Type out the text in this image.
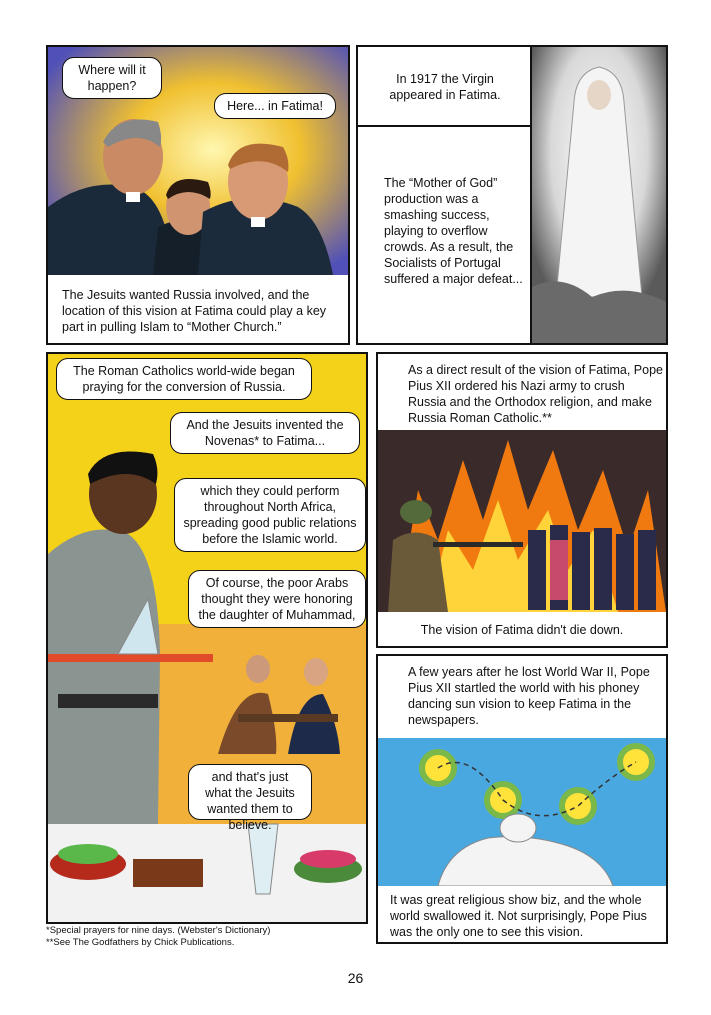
Where will it happen?
Here... in Fatima!
The Jesuits wanted Russia involved, and the location of this vision at Fatima could play a key part in pulling Islam to “Mother Church.”
In 1917 the Virgin appeared in Fatima.
The “Mother of God” production was a smashing success, playing to overflow crowds. As a result, the Socialists of Portugal suffered a major defeat...
The Roman Catholics world-wide began praying for the conversion of Russia.
And the Jesuits invented the Novenas* to Fatima...
which they could perform throughout North Africa, spreading good public relations before the Islamic world.
Of course, the poor Arabs thought they were honoring the daughter of Muhammad,
and that's just what the Jesuits wanted them to believe.
As a direct result of the vision of Fatima, Pope Pius XII ordered his Nazi army to crush Russia and the Orthodox religion, and make Russia Roman Catholic.**
The vision of Fatima didn't die down.
A few years after he lost World War II, Pope Pius XII startled the world with his phoney dancing sun vision to keep Fatima in the newspapers.
It was great religious show biz, and the whole world swallowed it. Not surprisingly, Pope Pius was the only one to see this vision.
*Special prayers for nine days. (Webster's Dictionary)
**See The Godfathers by Chick Publications.
26
